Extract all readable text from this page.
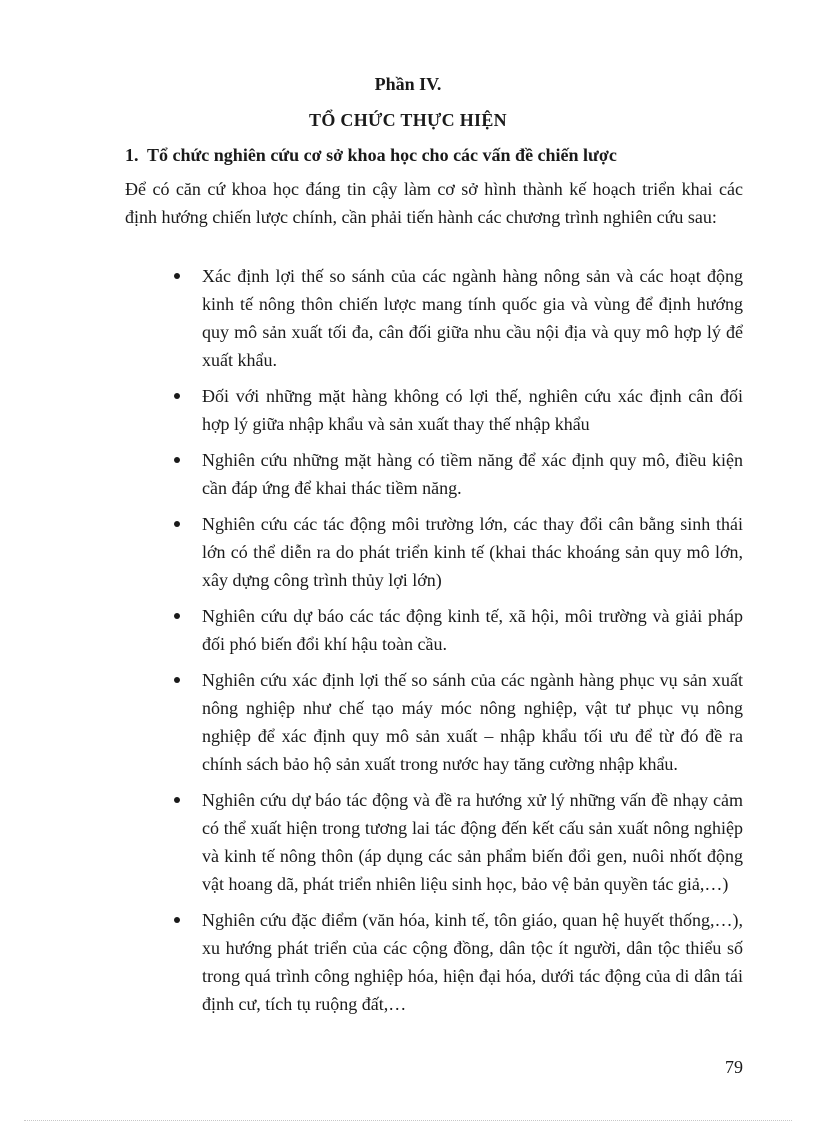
Phần IV.

TỔ CHỨC THỰC HIỆN

1. Tổ chức nghiên cứu cơ sở khoa học cho các vấn đề chiến lược

Để có căn cứ khoa học đáng tin cậy làm cơ sở hình thành kế hoạch triển khai các định hướng chiến lược chính, cần phải tiến hành các chương trình nghiên cứu sau:

Xác định lợi thế so sánh của các ngành hàng nông sản và các hoạt động kinh tế nông thôn chiến lược mang tính quốc gia và vùng để định hướng quy mô sản xuất tối đa, cân đối giữa nhu cầu nội địa và quy mô hợp lý để xuất khẩu.
Đối với những mặt hàng không có lợi thế, nghiên cứu xác định cân đối hợp lý giữa nhập khẩu và sản xuất thay thế nhập khẩu
Nghiên cứu những mặt hàng có tiềm năng để xác định quy mô, điều kiện cần đáp ứng để khai thác tiềm năng.
Nghiên cứu các tác động môi trường lớn, các thay đổi cân bằng sinh thái lớn có thể diễn ra do phát triển kinh tế (khai thác khoáng sản quy mô lớn, xây dựng công trình thủy lợi lớn)
Nghiên cứu dự báo các tác động kinh tế, xã hội, môi trường và giải pháp đối phó biến đổi khí hậu toàn cầu.
Nghiên cứu xác định lợi thế so sánh của các ngành hàng phục vụ sản xuất nông nghiệp như chế tạo máy móc nông nghiệp, vật tư phục vụ nông nghiệp để xác định quy mô sản xuất – nhập khẩu tối ưu để từ đó đề ra chính sách bảo hộ sản xuất trong nước hay tăng cường nhập khẩu.
Nghiên cứu dự báo tác động và đề ra hướng xử lý những vấn đề nhạy cảm có thể xuất hiện trong tương lai tác động đến kết cấu sản xuất nông nghiệp và kinh tế nông thôn (áp dụng các sản phẩm biến đổi gen, nuôi nhốt động vật hoang dã, phát triển nhiên liệu sinh học, bảo vệ bản quyền tác giả,…)
Nghiên cứu đặc điểm (văn hóa, kinh tế, tôn giáo, quan hệ huyết thống,…), xu hướng phát triển của các cộng đồng, dân tộc ít người, dân tộc thiểu số trong quá trình công nghiệp hóa, hiện đại hóa, dưới tác động của di dân tái định cư, tích tụ ruộng đất,…

79
